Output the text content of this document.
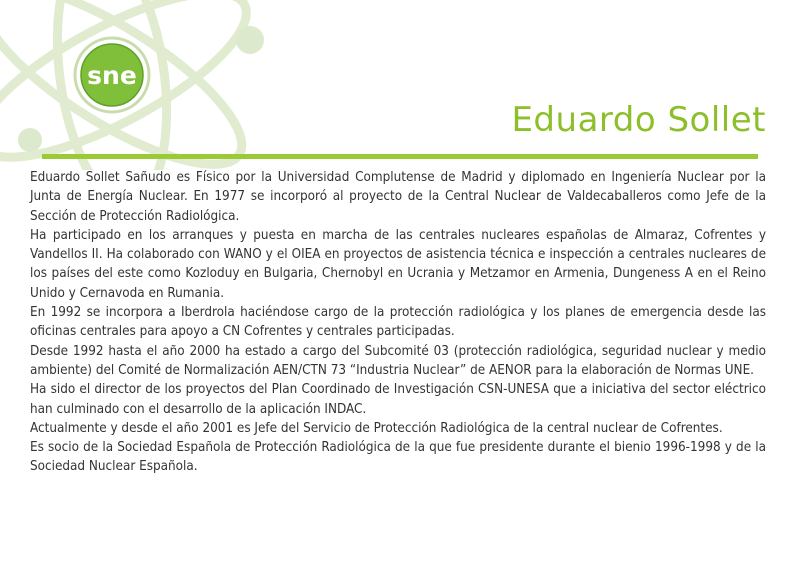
sne
Eduardo Sollet

Eduardo Sollet Sañudo es Físico por la Universidad Complutense de Madrid y diplomado en Ingeniería Nuclear por la Junta de Energía Nuclear. En 1977 se incorporó al proyecto de la Central Nuclear de Valdecaballeros como Jefe de la Sección de Protección Radiológica.

Ha participado en los arranques y puesta en marcha de las centrales nucleares españolas de Almaraz, Cofrentes y Vandellos II. Ha colaborado con WANO y el OIEA en proyectos de asistencia técnica e inspección a centrales nucleares de los países del este como Kozloduy en Bulgaria, Chernobyl en Ucrania y Metzamor en Armenia, Dungeness A en el Reino Unido y Cernavoda en Rumania.

En 1992 se incorpora a Iberdrola haciéndose cargo de la protección radiológica y los planes de emergencia desde las oficinas centrales para apoyo a CN Cofrentes y centrales participadas.

Desde 1992 hasta el año 2000 ha estado a cargo del Subcomité 03 (protección radiológica, seguridad nuclear y medio ambiente) del Comité de Normalización AEN/CTN 73 “Industria Nuclear” de AENOR para la elaboración de Normas UNE.

Ha sido el director de los proyectos del Plan Coordinado de Investigación CSN-UNESA que a iniciativa del sector eléctrico han culminado con el desarrollo de la aplicación INDAC.

Actualmente y desde el año 2001 es Jefe del Servicio de Protección Radiológica de la central nuclear de Cofrentes.

Es socio de la Sociedad Española de Protección Radiológica de la que fue presidente durante el bienio 1996-1998 y de la Sociedad Nuclear Española.
